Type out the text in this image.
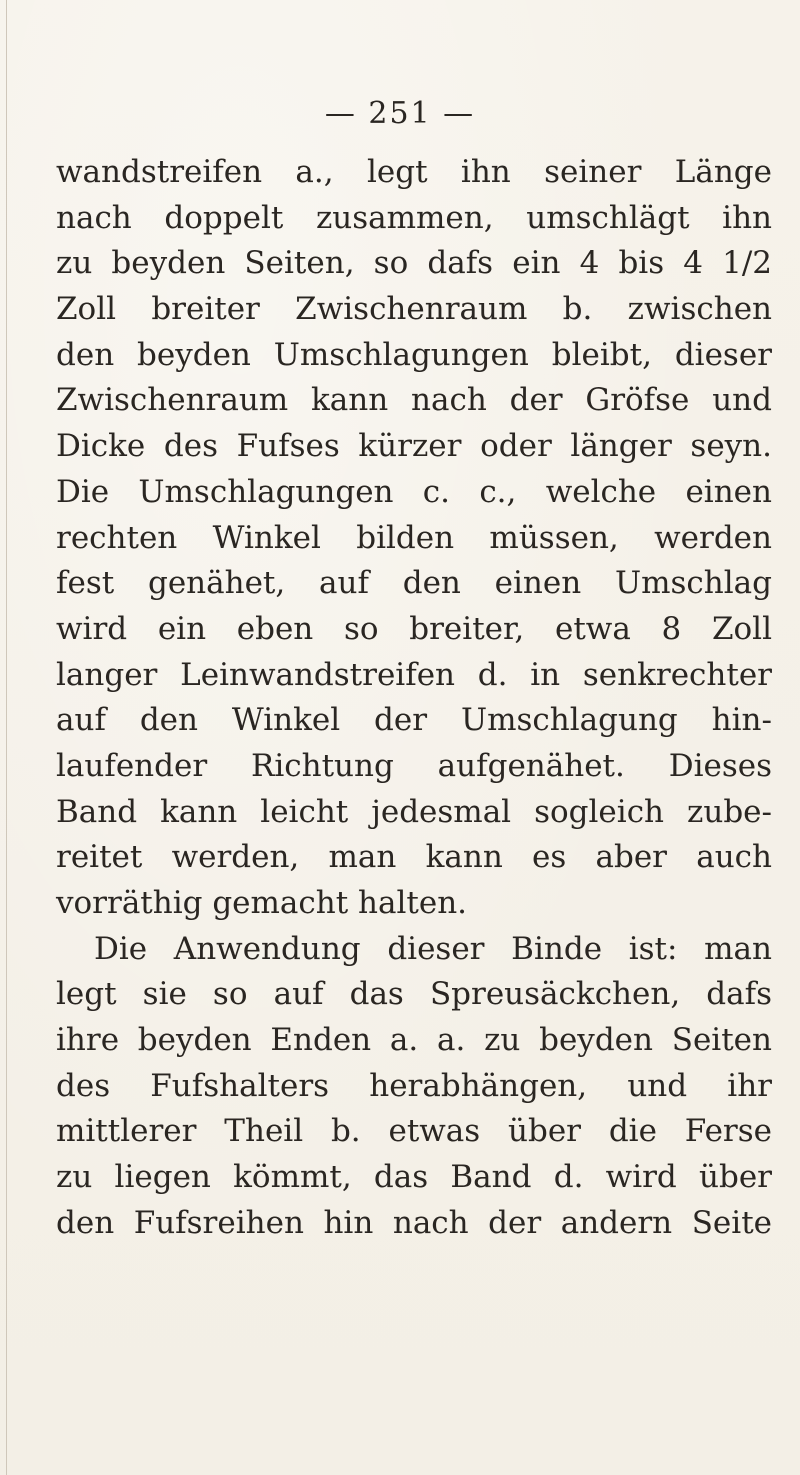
— 251 —
wandstreifen a., legt ihn seiner Länge
nach doppelt zusammen, umschlägt ihn
zu beyden Seiten, so dafs ein 4 bis 4 1/2
Zoll breiter Zwischenraum b. zwischen
den beyden Umschlagungen bleibt, dieser
Zwischenraum kann nach der Gröfse und
Dicke des Fufses kürzer oder länger seyn.
Die Umschlagungen c. c., welche einen
rechten Winkel bilden müssen, werden
fest genähet, auf den einen Umschlag
wird ein eben so breiter, etwa 8 Zoll
langer Leinwandstreifen d. in senkrechter
auf den Winkel der Umschlagung hin-
laufender Richtung aufgenähet. Dieses
Band kann leicht jedesmal sogleich zube-
reitet werden, man kann es aber auch
vorräthig gemacht halten.
Die Anwendung dieser Binde ist: man
legt sie so auf das Spreusäckchen, dafs
ihre beyden Enden a. a. zu beyden Seiten
des Fufshalters herabhängen, und ihr
mittlerer Theil b. etwas über die Ferse
zu liegen kömmt, das Band d. wird über
den Fufsreihen hin nach der andern Seite
